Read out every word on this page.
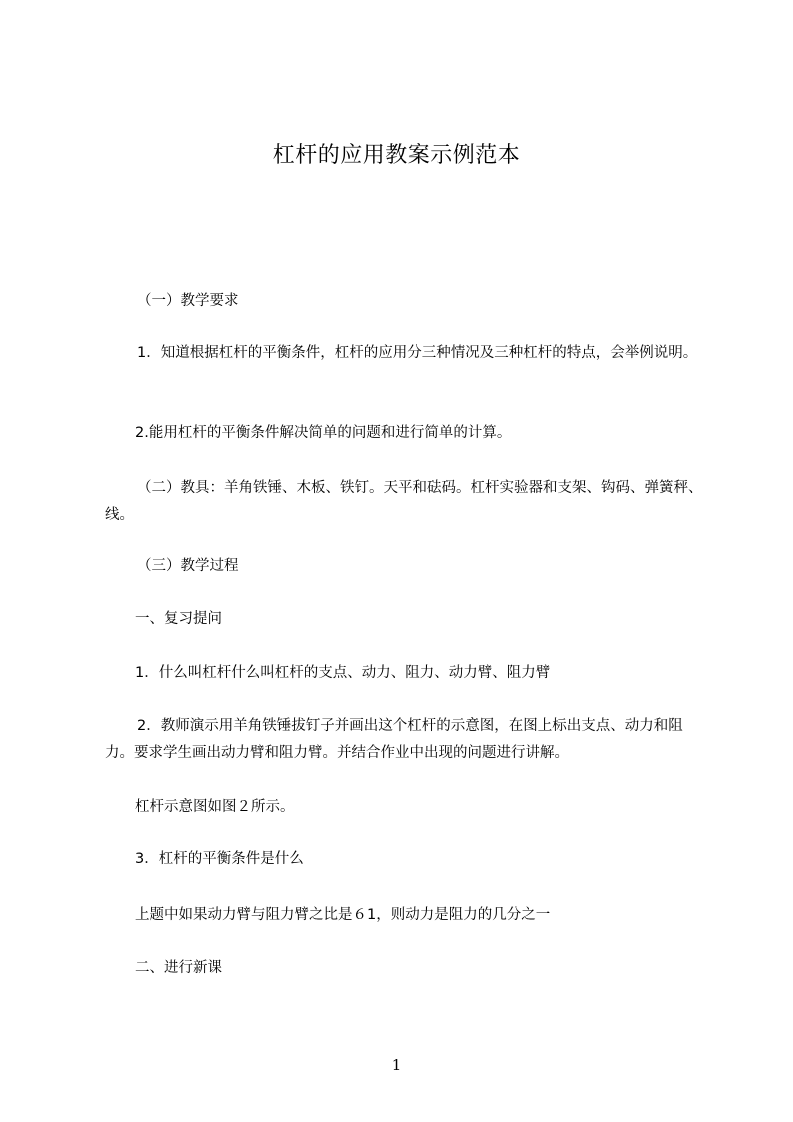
杠杆的应用教案示例范本

（一）教学要求

1．知道根据杠杆的平衡条件，杠杆的应用分三种情况及三种杠杆的特点，会举例说明。

2.能用杠杆的平衡条件解决简单的问题和进行简单的计算。

（二）教具：羊角铁锤、木板、铁钉。天平和砝码。杠杆实验器和支架、钩码、弹簧秤、线。

（三）教学过程

一、复习提问

1．什么叫杠杆什么叫杠杆的支点、动力、阻力、动力臂、阻力臂

2．教师演示用羊角铁锤拔钉子并画出这个杠杆的示意图，在图上标出支点、动力和阻力。要求学生画出动力臂和阻力臂。并结合作业中出现的问题进行讲解。

杠杆示意图如图２所示。

3．杠杆的平衡条件是什么

上题中如果动力臂与阻力臂之比是６1，则动力是阻力的几分之一

二、进行新课

1
